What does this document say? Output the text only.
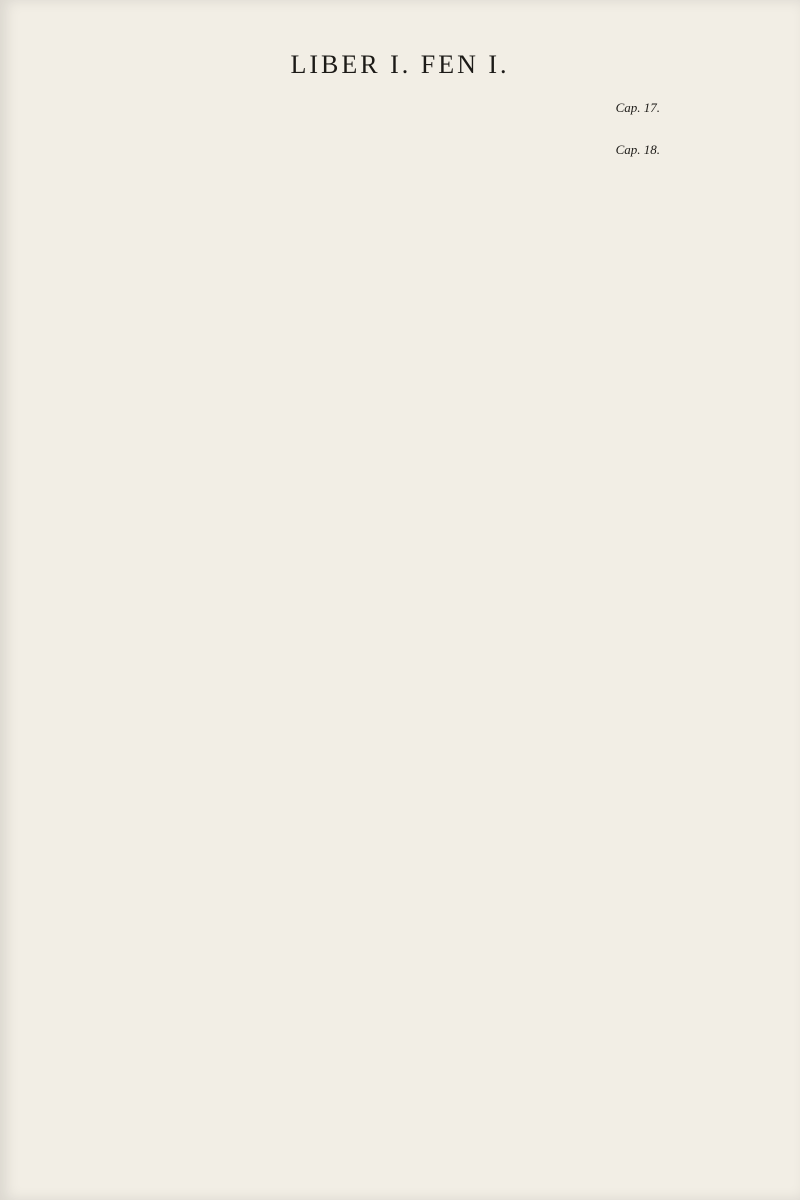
LIBER I. FEN I.
Cap. 17.
Cap. 18.
